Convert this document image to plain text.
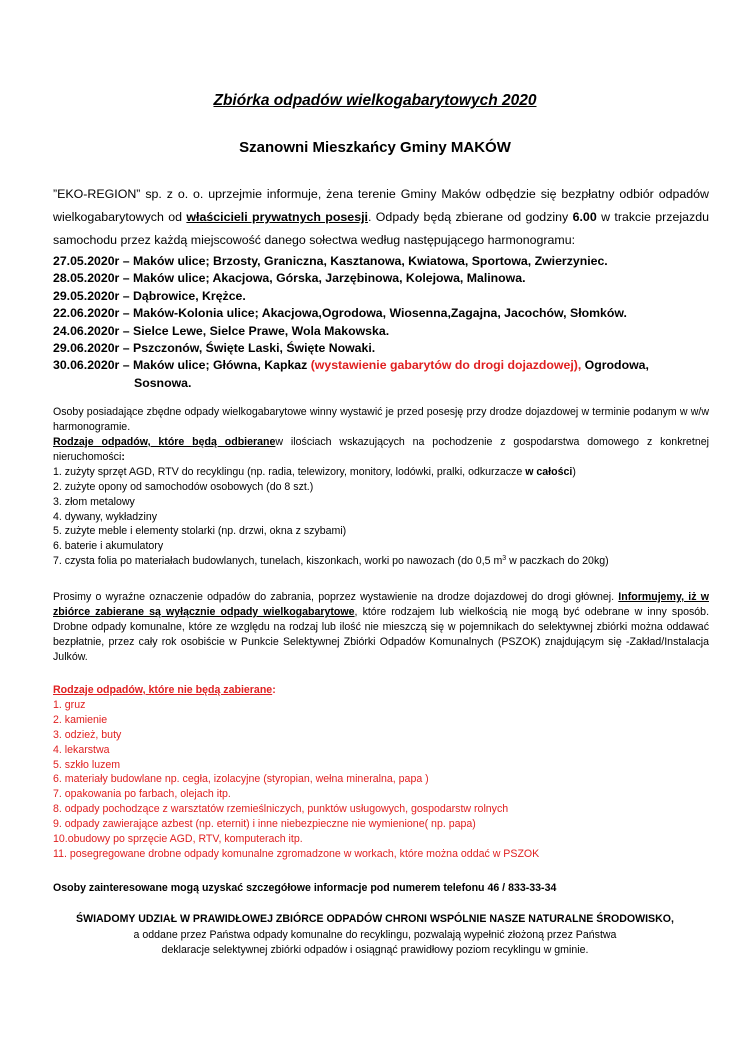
Zbiórka odpadów wielkogabarytowych 2020
Szanowni Mieszkańcy Gminy MAKÓW
”EKO-REGION” sp. z o. o. uprzejmie informuje, żena terenie Gminy Maków odbędzie się bezpłatny odbiór odpadów wielkogabarytowych od właścicieli prywatnych posesji. Odpady będą zbierane od godziny 6.00 w trakcie przejazdu samochodu przez każdą miejscowość danego sołectwa według następującego harmonogramu:
27.05.2020r – Maków ulice; Brzosty, Graniczna, Kasztanowa, Kwiatowa, Sportowa, Zwierzyniec.
28.05.2020r – Maków ulice; Akacjowa, Górska, Jarzębinowa, Kolejowa, Malinowa.
29.05.2020r – Dąbrowice, Krężce.
22.06.2020r – Maków-Kolonia ulice; Akacjowa,Ogrodowa, Wiosenna,Zagajna, Jacochów, Słomków.
24.06.2020r – Sielce Lewe, Sielce Prawe, Wola Makowska.
29.06.2020r – Pszczonów, Święte Laski, Święte Nowaki.
30.06.2020r – Maków ulice; Główna, Kapkaz (wystawienie gabarytów do drogi dojazdowej), Ogrodowa,
Sosnowa.
Osoby posiadające zbędne odpady wielkogabarytowe winny wystawić je przed posesję przy drodze dojazdowej w terminie podanym w w/w harmonogramie.
Rodzaje odpadów, które będą odbieranew ilościach wskazujących na pochodzenie z gospodarstwa domowego z konkretnej nieruchomości:
1. zużyty sprzęt AGD, RTV do recyklingu (np. radia, telewizory, monitory, lodówki, pralki, odkurzacze w całości)
2. zużyte opony od samochodów osobowych (do 8 szt.)
3. złom metalowy
4. dywany, wykładziny
5. zużyte meble i elementy stolarki (np. drzwi, okna z szybami)
6. baterie i akumulatory
7. czysta folia po materiałach budowlanych, tunelach, kiszonkach, worki po nawozach (do 0,5 $m^3$ w paczkach do 20kg)
Prosimy o wyraźne oznaczenie odpadów do zabrania, poprzez wystawienie na drodze dojazdowej do drogi głównej. Informujemy, iż w zbiórce zabierane są wyłącznie odpady wielkogabarytowe, które rodzajem lub wielkością nie mogą być odebrane w inny sposób. Drobne odpady komunalne, które ze względu na rodzaj lub ilość nie mieszczą się w pojemnikach do selektywnej zbiórki można oddawać bezpłatnie, przez cały rok osobiście w Punkcie Selektywnej Zbiórki Odpadów Komunalnych (PSZOK) znajdującym się -Zakład/Instalacja Julków.
Rodzaje odpadów, które nie będą zabierane:
1. gruz
2. kamienie
3. odzież, buty
4. lekarstwa
5. szkło luzem
6. materiały budowlane np. cegła, izolacyjne (styropian, wełna mineralna, papa )
7. opakowania po farbach, olejach itp.
8. odpady pochodzące z warsztatów rzemieślniczych, punktów usługowych, gospodarstw rolnych
9. odpady zawierające azbest (np. eternit) i inne niebezpieczne nie wymienione( np. papa)
10.obudowy po sprzęcie AGD, RTV, komputerach itp.
11. posegregowane drobne odpady komunalne zgromadzone w workach, które można oddać w PSZOK
Osoby zainteresowane mogą uzyskać szczegółowe informacje pod numerem telefonu 46 / 833-33-34
ŚWIADOMY UDZIAŁ W PRAWIDŁOWEJ ZBIÓRCE ODPADÓW CHRONI WSPÓLNIE NASZE NATURALNE ŚRODOWISKO,
a oddane przez Państwa odpady komunalne do recyklingu, pozwalają wypełnić złożoną przez Państwa
deklaracje selektywnej zbiórki odpadów i osiągnąć prawidłowy poziom recyklingu w gminie.
